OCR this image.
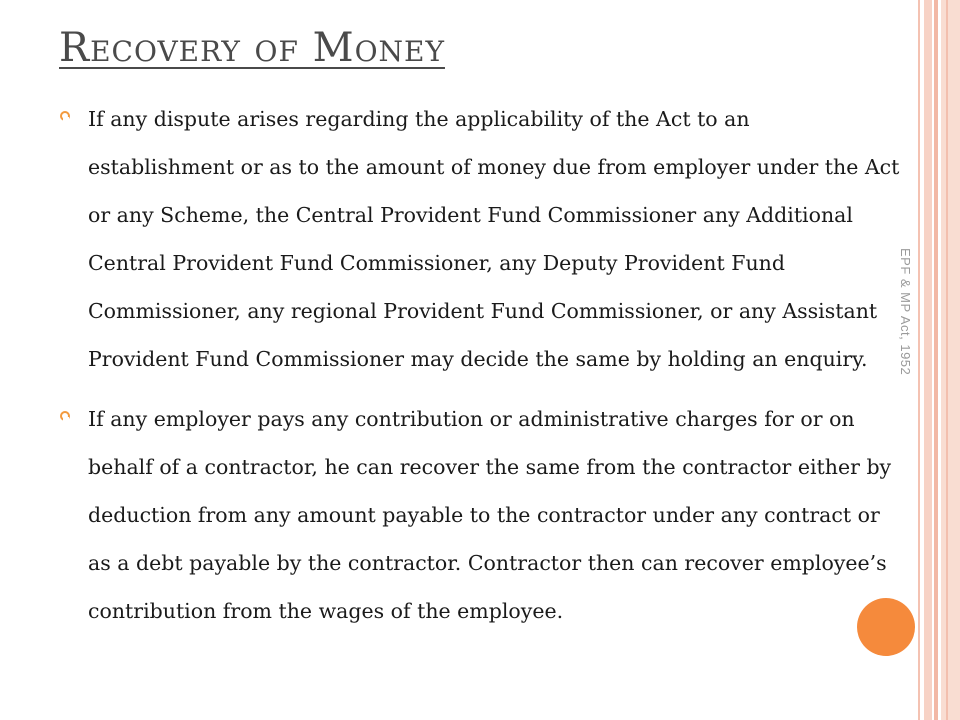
Recovery of Money
If any dispute arises regarding the applicability of the Act to an establishment or as to the amount of money due from employer under the Act or any Scheme, the Central Provident Fund Commissioner any Additional Central Provident Fund Commissioner, any Deputy Provident Fund Commissioner, any regional Provident Fund Commissioner, or any Assistant Provident Fund Commissioner may decide the same by holding an enquiry.
If any employer pays any contribution or administrative charges for or on behalf of a contractor, he can recover the same from the contractor either by deduction from any amount payable to the contractor under any contract or as a debt payable by the contractor. Contractor then can recover employee’s contribution from the wages of the employee.
EPF & MP Act, 1952
